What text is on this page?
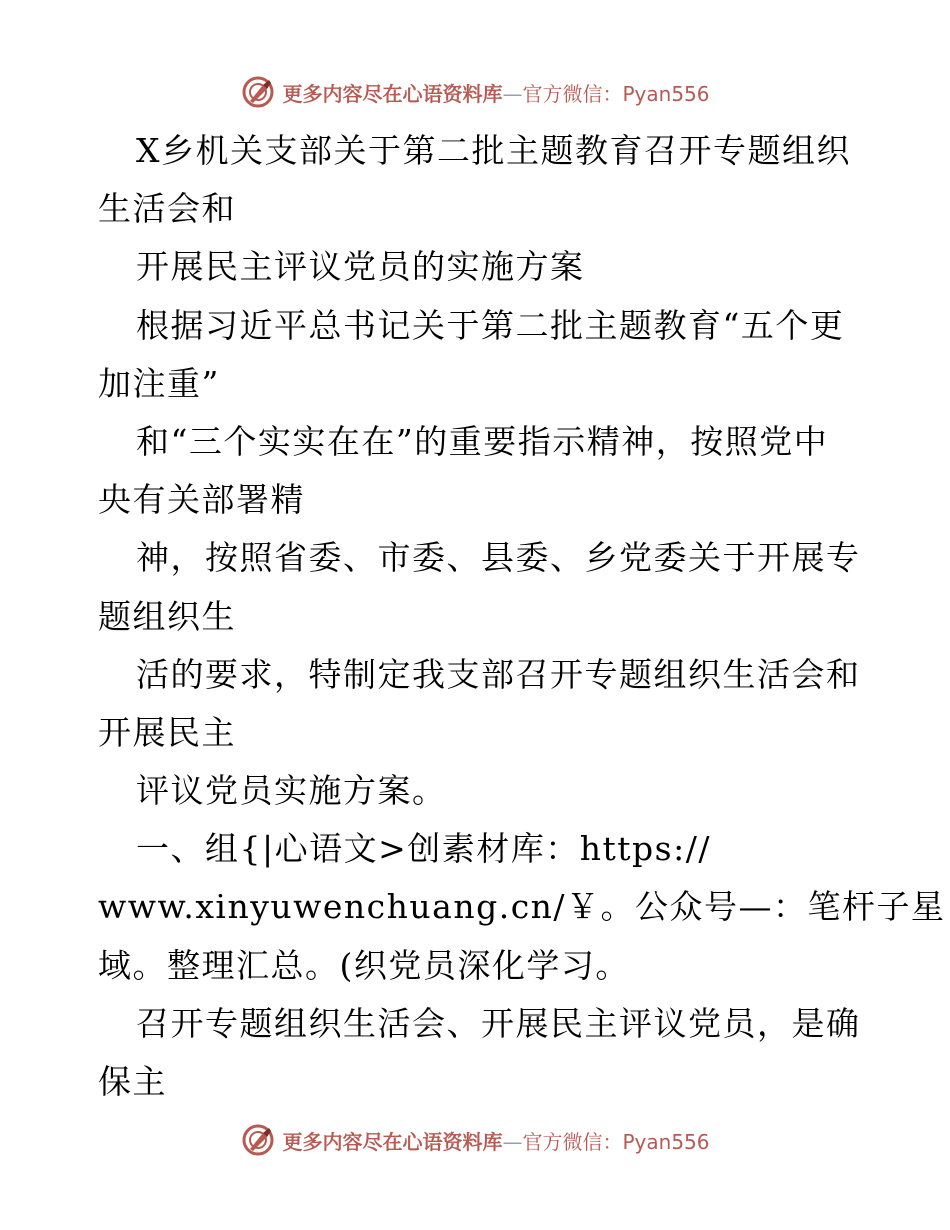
更多内容尽在心语资料库—官方微信：Pyan556
X乡机关支部关于第二批主题教育召开专题组织
生活会和
开展民主评议党员的实施方案
根据习近平总书记关于第二批主题教育“五个更
加注重”
和“三个实实在在”的重要指示精神，按照党中
央有关部署精
神，按照省委、市委、县委、乡党委关于开展专
题组织生
活的要求，特制定我支部召开专题组织生活会和
开展民主
评议党员实施方案。
一、组{|心语文>创素材库：https://
www.xinyuwenchuang.cn/￥。公众号—：笔杆子星
域。整理汇总。(织党员深化学习。
召开专题组织生活会、开展民主评议党员，是确
保主
更多内容尽在心语资料库—官方微信：Pyan556
